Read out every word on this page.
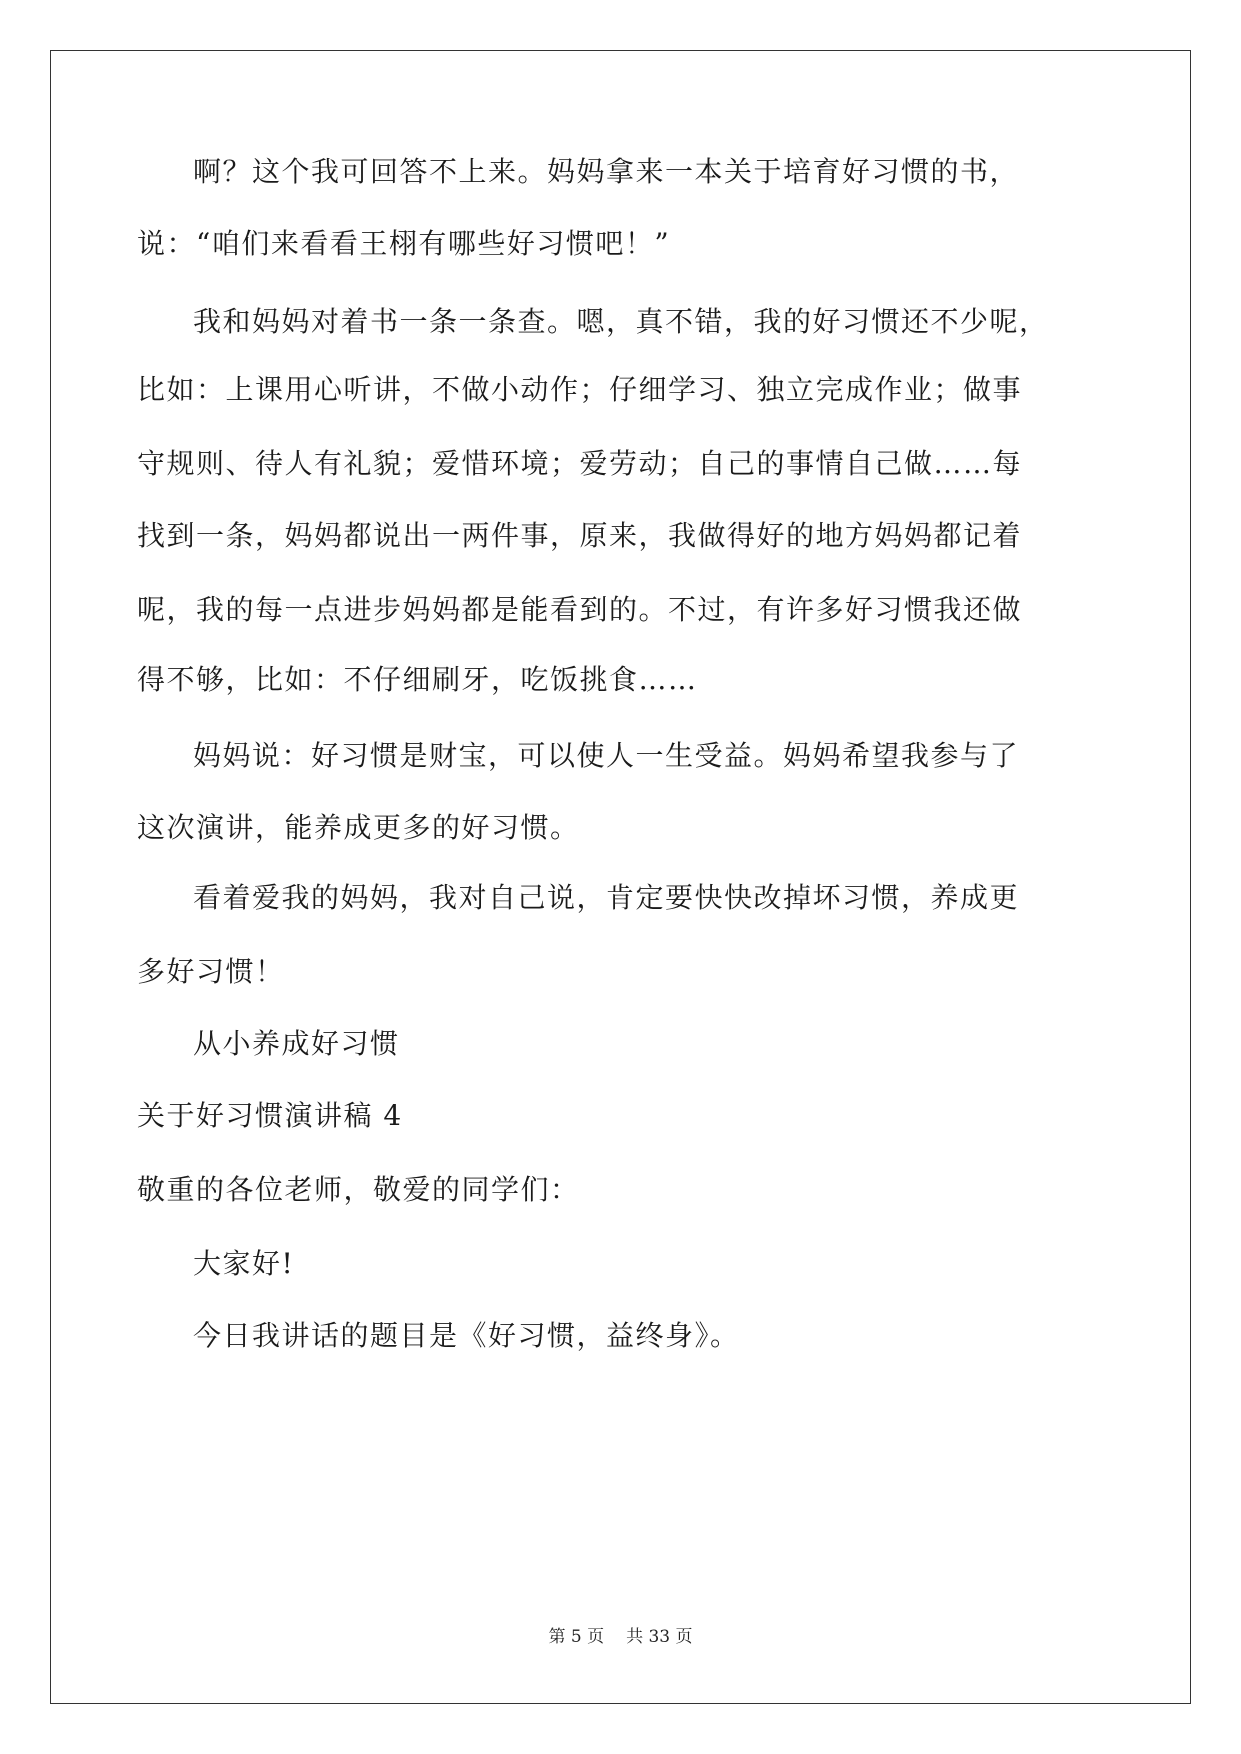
啊？这个我可回答不上来。妈妈拿来一本关于培育好习惯的书，

说：“咱们来看看王栩有哪些好习惯吧！”

我和妈妈对着书一条一条查。嗯，真不错，我的好习惯还不少呢，

比如：上课用心听讲，不做小动作；仔细学习、独立完成作业；做事

守规则、待人有礼貌；爱惜环境；爱劳动；自己的事情自己做……每

找到一条，妈妈都说出一两件事，原来，我做得好的地方妈妈都记着

呢，我的每一点进步妈妈都是能看到的。不过，有许多好习惯我还做

得不够，比如：不仔细刷牙，吃饭挑食……

妈妈说：好习惯是财宝，可以使人一生受益。妈妈希望我参与了

这次演讲，能养成更多的好习惯。

看着爱我的妈妈，我对自己说，肯定要快快改掉坏习惯，养成更

多好习惯！

从小养成好习惯

关于好习惯演讲稿 4

敬重的各位老师，敬爱的同学们：

大家好!

今日我讲话的题目是《好习惯，益终身》。

第 5 页 共 33 页
